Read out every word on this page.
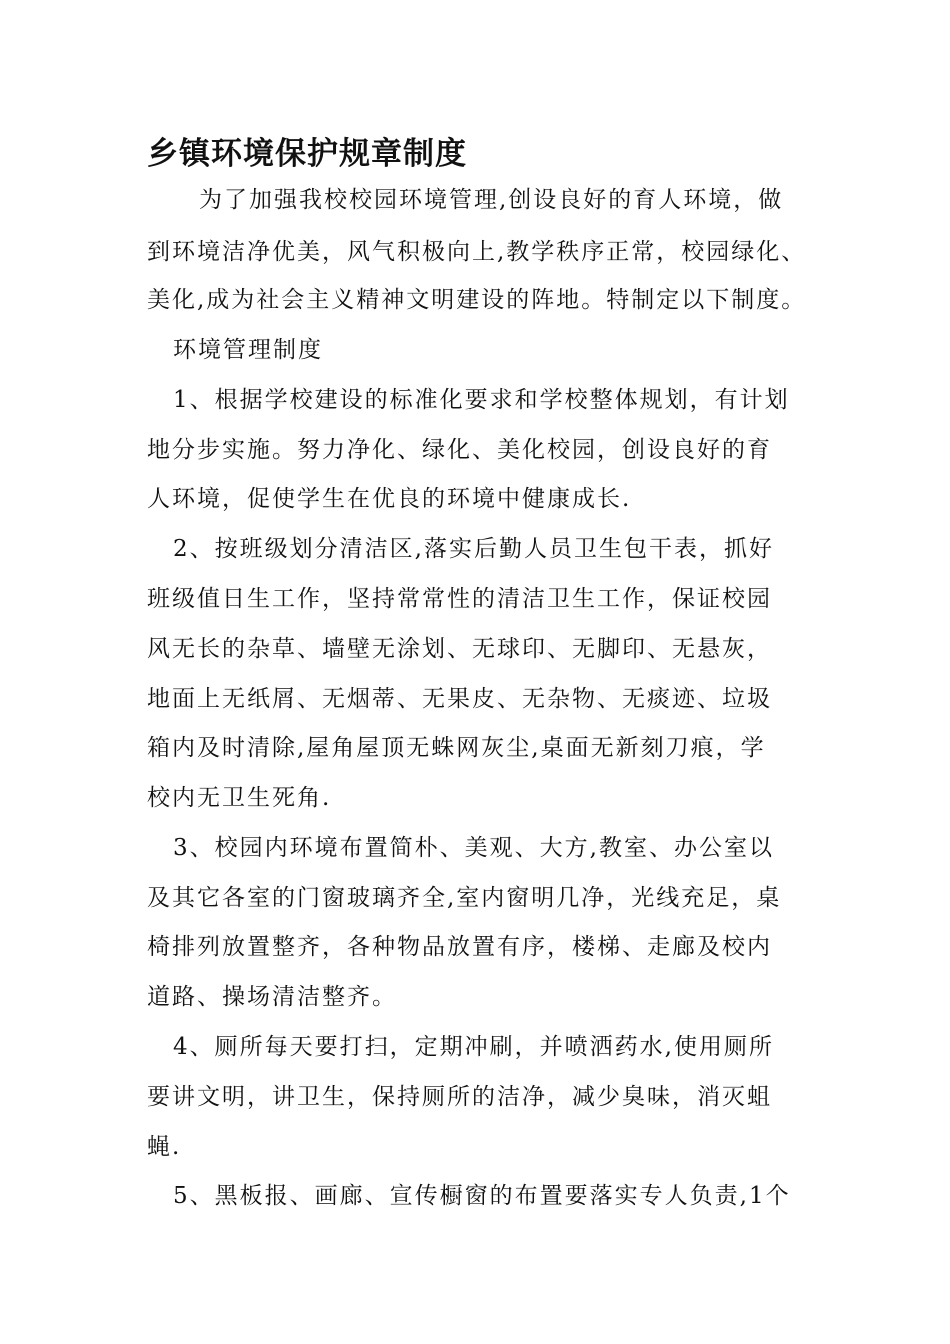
乡镇环境保护规章制度
为了加强我校校园环境管理,创设良好的育人环境，做
到环境洁净优美，风气积极向上,教学秩序正常，校园绿化、
美化,成为社会主义精神文明建设的阵地。特制定以下制度。
环境管理制度
1、根据学校建设的标准化要求和学校整体规划，有计划
地分步实施。努力净化、绿化、美化校园，创设良好的育
人环境，促使学生在优良的环境中健康成长.
2、按班级划分清洁区,落实后勤人员卫生包干表，抓好
班级值日生工作，坚持常常性的清洁卫生工作，保证校园
风无长的杂草、墙壁无涂划、无球印、无脚印、无悬灰，
地面上无纸屑、无烟蒂、无果皮、无杂物、无痰迹、垃圾
箱内及时清除,屋角屋顶无蛛网灰尘,桌面无新刻刀痕，学
校内无卫生死角.
3、校园内环境布置简朴、美观、大方,教室、办公室以
及其它各室的门窗玻璃齐全,室内窗明几净，光线充足，桌
椅排列放置整齐，各种物品放置有序，楼梯、走廊及校内
道路、操场清洁整齐。
4、厕所每天要打扫，定期冲刷，并喷洒药水,使用厕所
要讲文明，讲卫生，保持厕所的洁净，减少臭味，消灭蛆
蝇.
5、黑板报、画廊、宣传橱窗的布置要落实专人负责,1个
